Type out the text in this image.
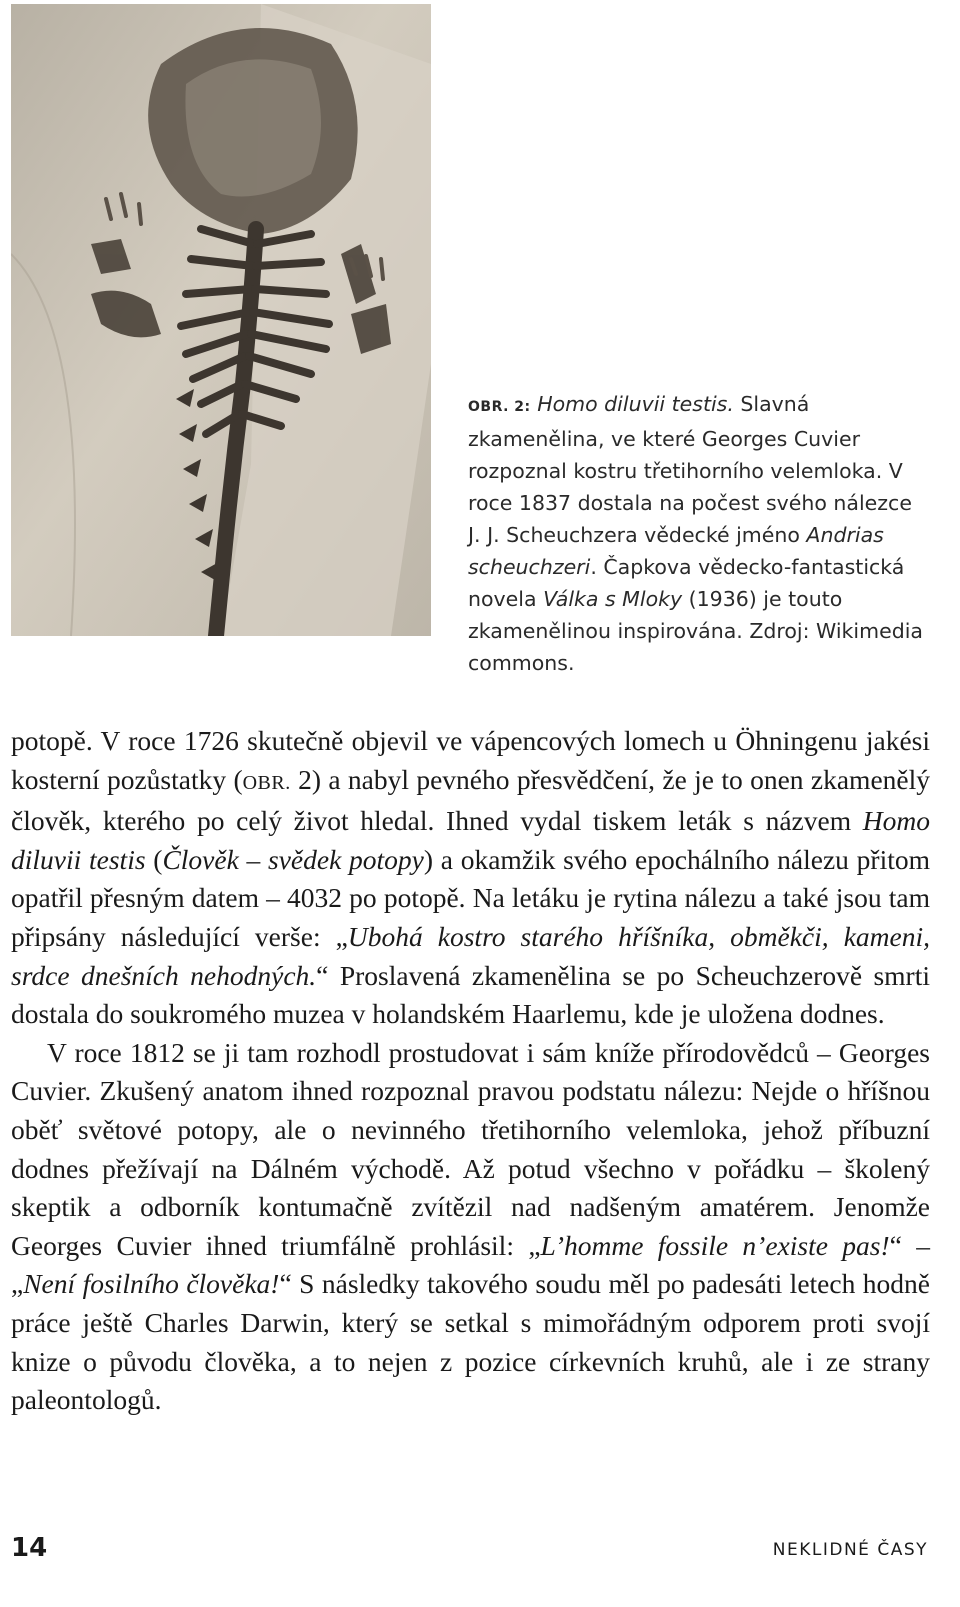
OBR. 2: Homo diluvii testis. Slavná zkamenělina, ve které Georges Cuvier rozpoznal kostru třetihorního velemloka. V roce 1837 dostala na počest svého nálezce J. J. Scheuchzera vědecké jméno Andrias scheuchzeri. Čapkova vědecko-fantastická novela Válka s Mloky (1936) je touto zkamenělinou inspirována. Zdroj: Wikimedia commons.

potopě. V roce 1726 skutečně objevil ve vápencových lomech u Öhningenu jakési kosterní pozůstatky (OBR. 2) a nabyl pevného přesvědčení, že je to onen zkamenělý člověk, kterého po celý život hledal. Ihned vydal tiskem leták s názvem Homo diluvii testis (Člověk – svědek potopy) a okamžik svého epochálního nálezu přitom opatřil přesným datem – 4032 po potopě. Na letáku je rytina nálezu a také jsou tam připsány následující verše: „Ubohá kostro starého hříšníka, obměkči, kameni, srdce dnešních nehodných.“ Proslavená zkamenělina se po Scheuchzerově smrti dostala do soukromého muzea v holandském Haarlemu, kde je uložena dodnes.

V roce 1812 se ji tam rozhodl prostudovat i sám kníže přírodovědců – Georges Cuvier. Zkušený anatom ihned rozpoznal pravou podstatu nálezu: Nejde o hříšnou oběť světové potopy, ale o nevinného třetihorního velemloka, jehož příbuzní dodnes přežívají na Dálném východě. Až potud všechno v pořádku – školený skeptik a odborník kontumačně zvítězil nad nadšeným amatérem. Jenomže Georges Cuvier ihned triumfálně prohlásil: „L’homme fossile n’existe pas!“ – „Není fosilního člověka!“ S následky takového soudu měl po padesáti letech hodně práce ještě Charles Darwin, který se setkal s mimořádným odporem proti svojí knize o původu člověka, a to nejen z pozice církevních kruhů, ale i ze strany paleontologů.

14	NEKLIDNÉ ČASY
